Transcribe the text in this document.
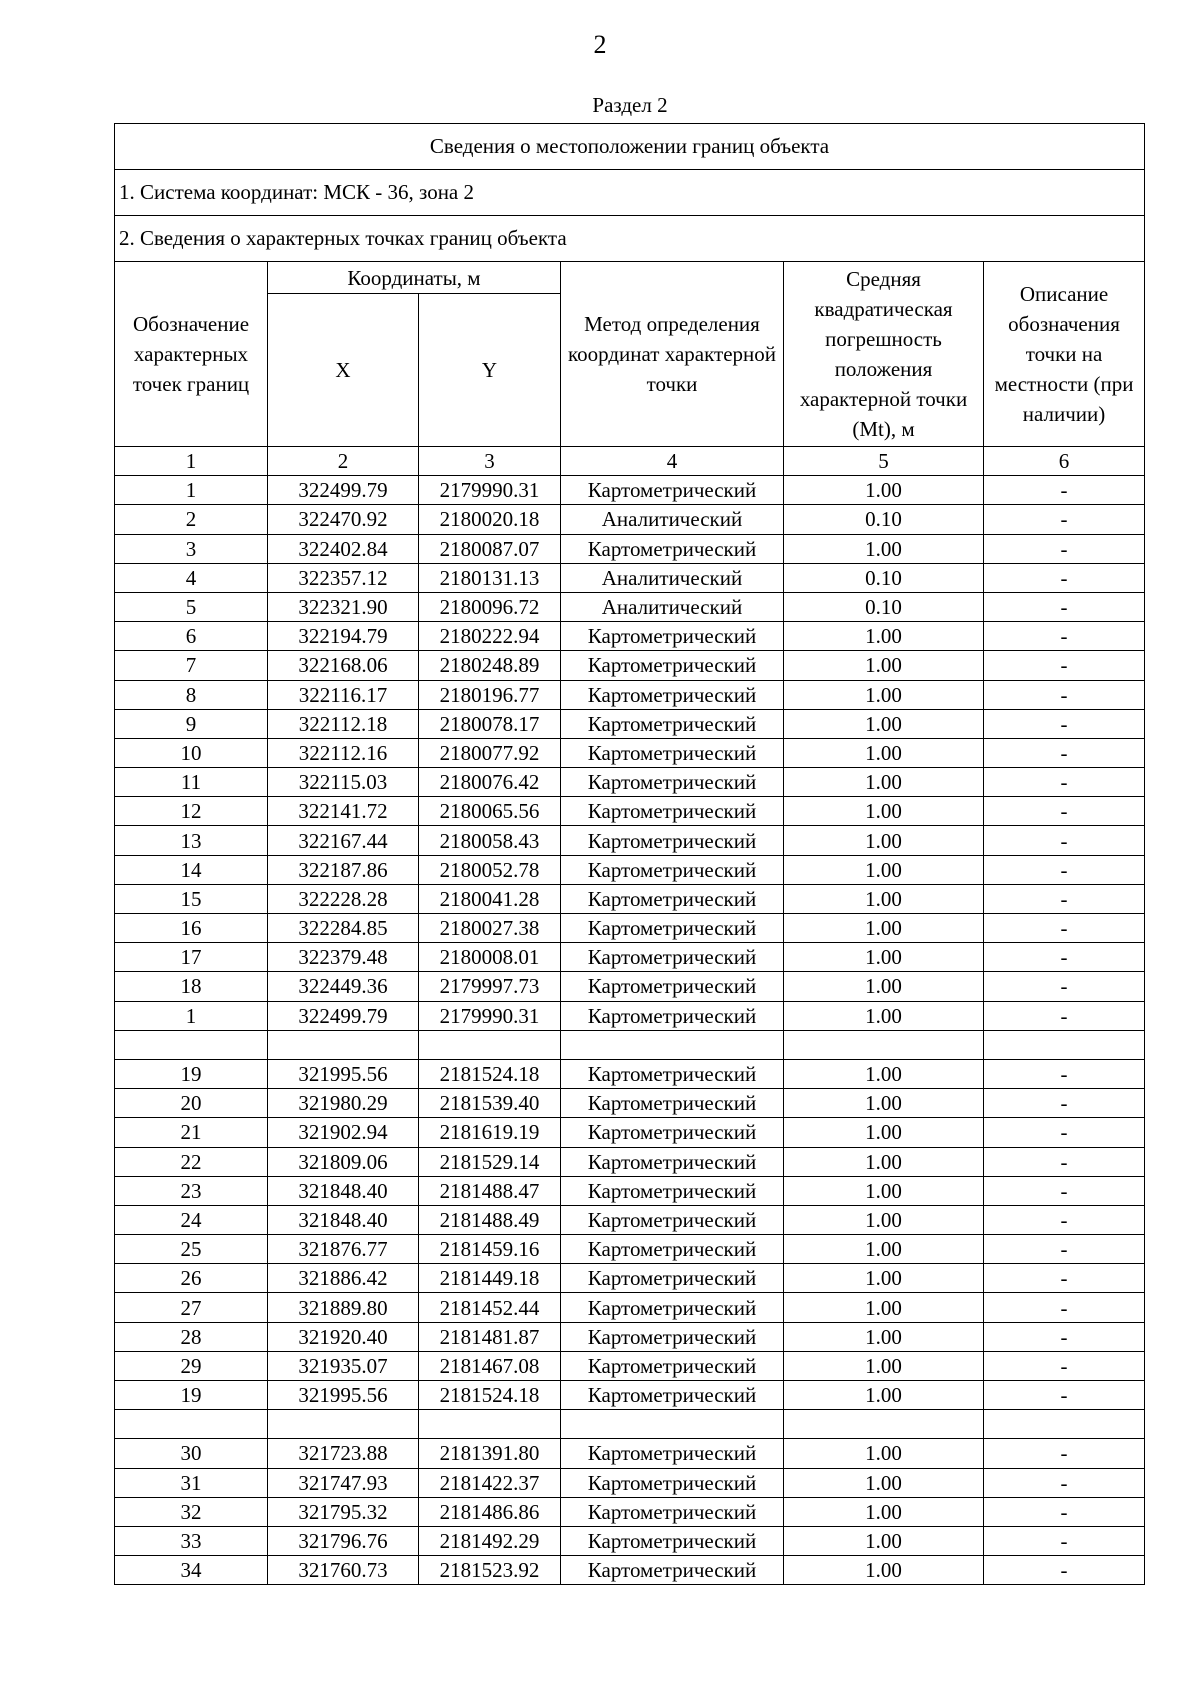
2
Раздел 2
Сведения о местоположении границ объекта					
1. Система координат: МСК - 36, зона 2					
2. Сведения о характерных точках границ объекта					
Обозначение характерных точек границ	Координаты, м		Метод определения координат характерной точки	Средняя квадратическая погрешность положения характерной точки (Mt), м	Описание обозначения точки на местности (при наличии)
	X	Y			
1	2	3	4	5	6
1	322499.79	2179990.31	Картометрический	1.00	-
2	322470.92	2180020.18	Аналитический	0.10	-
3	322402.84	2180087.07	Картометрический	1.00	-
4	322357.12	2180131.13	Аналитический	0.10	-
5	322321.90	2180096.72	Аналитический	0.10	-
6	322194.79	2180222.94	Картометрический	1.00	-
7	322168.06	2180248.89	Картометрический	1.00	-
8	322116.17	2180196.77	Картометрический	1.00	-
9	322112.18	2180078.17	Картометрический	1.00	-
10	322112.16	2180077.92	Картометрический	1.00	-
11	322115.03	2180076.42	Картометрический	1.00	-
12	322141.72	2180065.56	Картометрический	1.00	-
13	322167.44	2180058.43	Картометрический	1.00	-
14	322187.86	2180052.78	Картометрический	1.00	-
15	322228.28	2180041.28	Картометрический	1.00	-
16	322284.85	2180027.38	Картометрический	1.00	-
17	322379.48	2180008.01	Картометрический	1.00	-
18	322449.36	2179997.73	Картометрический	1.00	-
1	322499.79	2179990.31	Картометрический	1.00	-

19	321995.56	2181524.18	Картометрический	1.00	-
20	321980.29	2181539.40	Картометрический	1.00	-
21	321902.94	2181619.19	Картометрический	1.00	-
22	321809.06	2181529.14	Картометрический	1.00	-
23	321848.40	2181488.47	Картометрический	1.00	-
24	321848.40	2181488.49	Картометрический	1.00	-
25	321876.77	2181459.16	Картометрический	1.00	-
26	321886.42	2181449.18	Картометрический	1.00	-
27	321889.80	2181452.44	Картометрический	1.00	-
28	321920.40	2181481.87	Картометрический	1.00	-
29	321935.07	2181467.08	Картометрический	1.00	-
19	321995.56	2181524.18	Картометрический	1.00	-

30	321723.88	2181391.80	Картометрический	1.00	-
31	321747.93	2181422.37	Картометрический	1.00	-
32	321795.32	2181486.86	Картометрический	1.00	-
33	321796.76	2181492.29	Картометрический	1.00	-
34	321760.73	2181523.92	Картометрический	1.00	-
